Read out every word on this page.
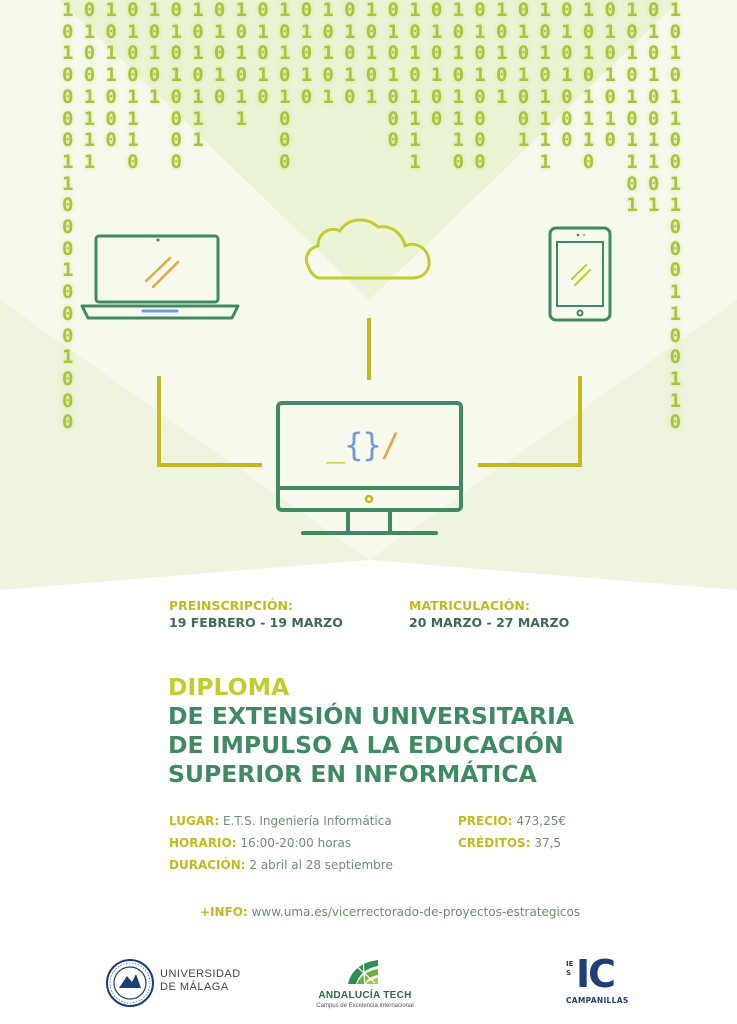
1
0
1
0
0
0
0
1
1
0
0
0
1
0
0
0
1
0
0
0
0
1
0
0
1
1
1
1
1
0
1
1
0
0
0
0
1
0
0
1
1
1
0
1
0
1
0
1
0
1
0
1
0
0
0
0
1
0
1
0
1
1
1
0
1
0
1
0
1
0
1
0
1
1
0
1
0
1
0
1
0
1
0
1
0
0
0
0
1
0
1
0
1
0
1
0
1
0
1
0
1
0
1
0
1
0
1
0
1
0
1
0
0
0
1
0
1
0
1
1
1
1
0
1
0
1
0
0
1
0
1
0
1
1
1
0
0
1
0
1
0
0
0
0
1
0
1
0
1
0
1
0
1
0
0
1
1
0
1
0
1
1
1
1
0
1
0
1
0
0
0
1
0
1
0
1
1
1
0
0
1
0
1
0
1
0
1
0
1
0
1
0
1
1
0
1
0
1
0
1
0
0
1
1
0
1
1
0
1
0
1
1
0
0
1
1
0
0
0
1
1
0
0
1
1
0
_{}/
PREINSCRIPCIÓN:
19 FEBRERO - 19 MARZO
MATRICULACIÓN:
20 MARZO - 27 MARZO
DIPLOMA
DE EXTENSIÓN UNIVERSITARIA
DE IMPULSO A LA EDUCACIÓN
SUPERIOR EN INFORMÁTICA
LUGAR: E.T.S. Ingeniería Informática
HORARIO: 16:00-20:00 horas
DURACIÓN: 2 abril al 28 septiembre
PRECIO: 473,25€
CRÉDITOS: 37,5
+INFO: www.uma.es/vicerrectorado-de-proyectos-estrategicos
UNIVERSIDAD
DE MÁLAGA
ANDALUCÍA TECH
Campus de Excelencia Internacional
IES IC
CAMPANILLAS
